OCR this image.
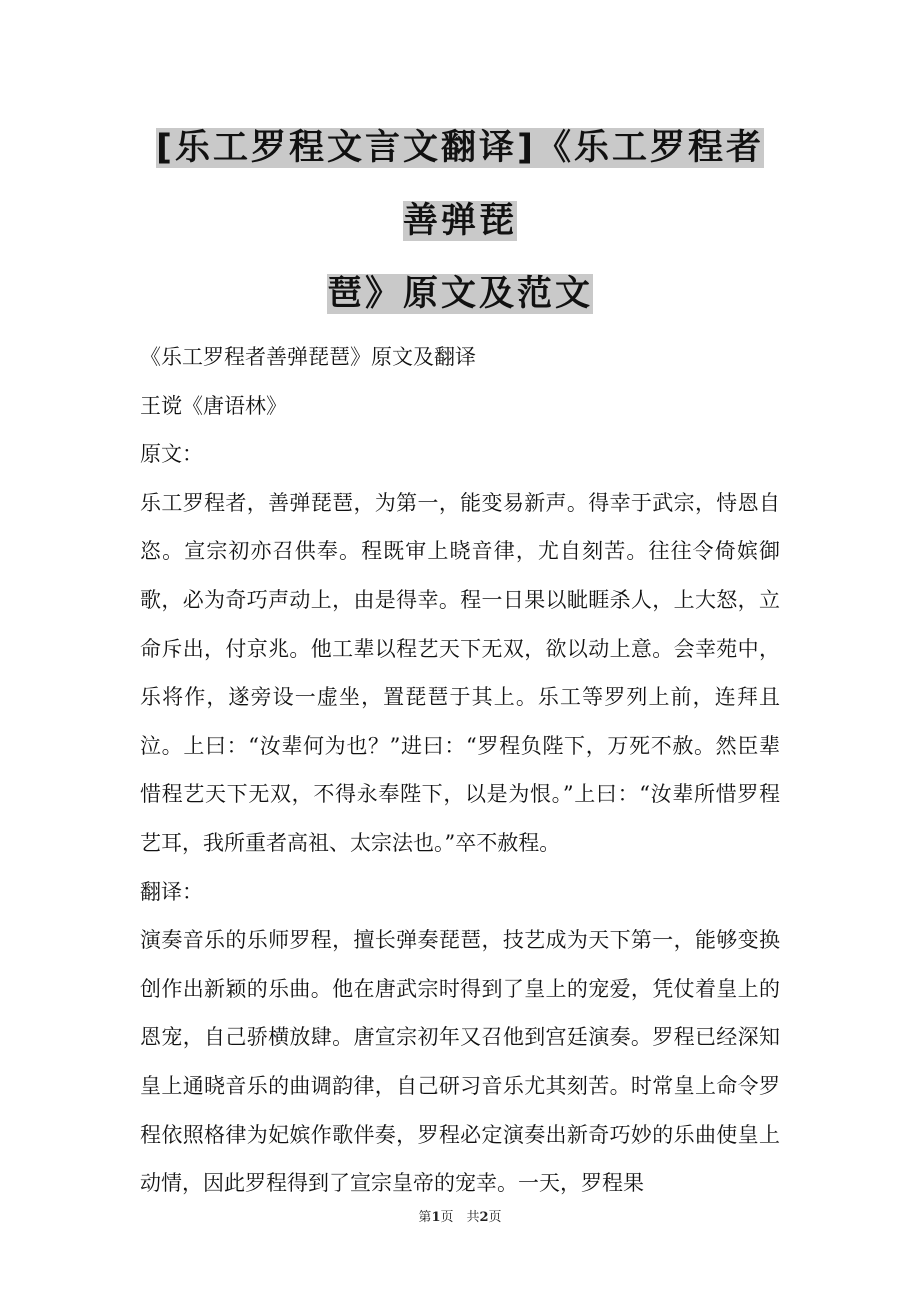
[乐工罗程文言文翻译]《乐工罗程者善弹琵
琶》原文及范文
《乐工罗程者善弹琵琶》原文及翻译
王谠《唐语林》
原文：
乐工罗程者，善弹琵琶，为第一，能变易新声。得幸于武宗，恃恩自恣。宣宗初亦召供奉。程既审上晓音律，尤自刻苦。往往令倚嫔御歌，必为奇巧声动上，由是得幸。程一日果以眦睚杀人，上大怒，立命斥出，付京兆。他工辈以程艺天下无双，欲以动上意。会幸苑中，乐将作，遂旁设一虚坐，置琵琶于其上。乐工等罗列上前，连拜且泣。上曰：“汝辈何为也？”进曰：“罗程负陛下，万死不赦。然臣辈惜程艺天下无双，不得永奉陛下，以是为恨。”上曰：“汝辈所惜罗程艺耳，我所重者高祖、太宗法也。”卒不赦程。
翻译：
演奏音乐的乐师罗程，擅长弹奏琵琶，技艺成为天下第一，能够变换创作出新颖的乐曲。他在唐武宗时得到了皇上的宠爱，凭仗着皇上的恩宠，自己骄横放肆。唐宣宗初年又召他到宫廷演奏。罗程已经深知皇上通晓音乐的曲调韵律，自己研习音乐尤其刻苦。时常皇上命令罗程依照格律为妃嫔作歌伴奏，罗程必定演奏出新奇巧妙的乐曲使皇上动情，因此罗程得到了宣宗皇帝的宠幸。一天，罗程果
第1页　共2页
